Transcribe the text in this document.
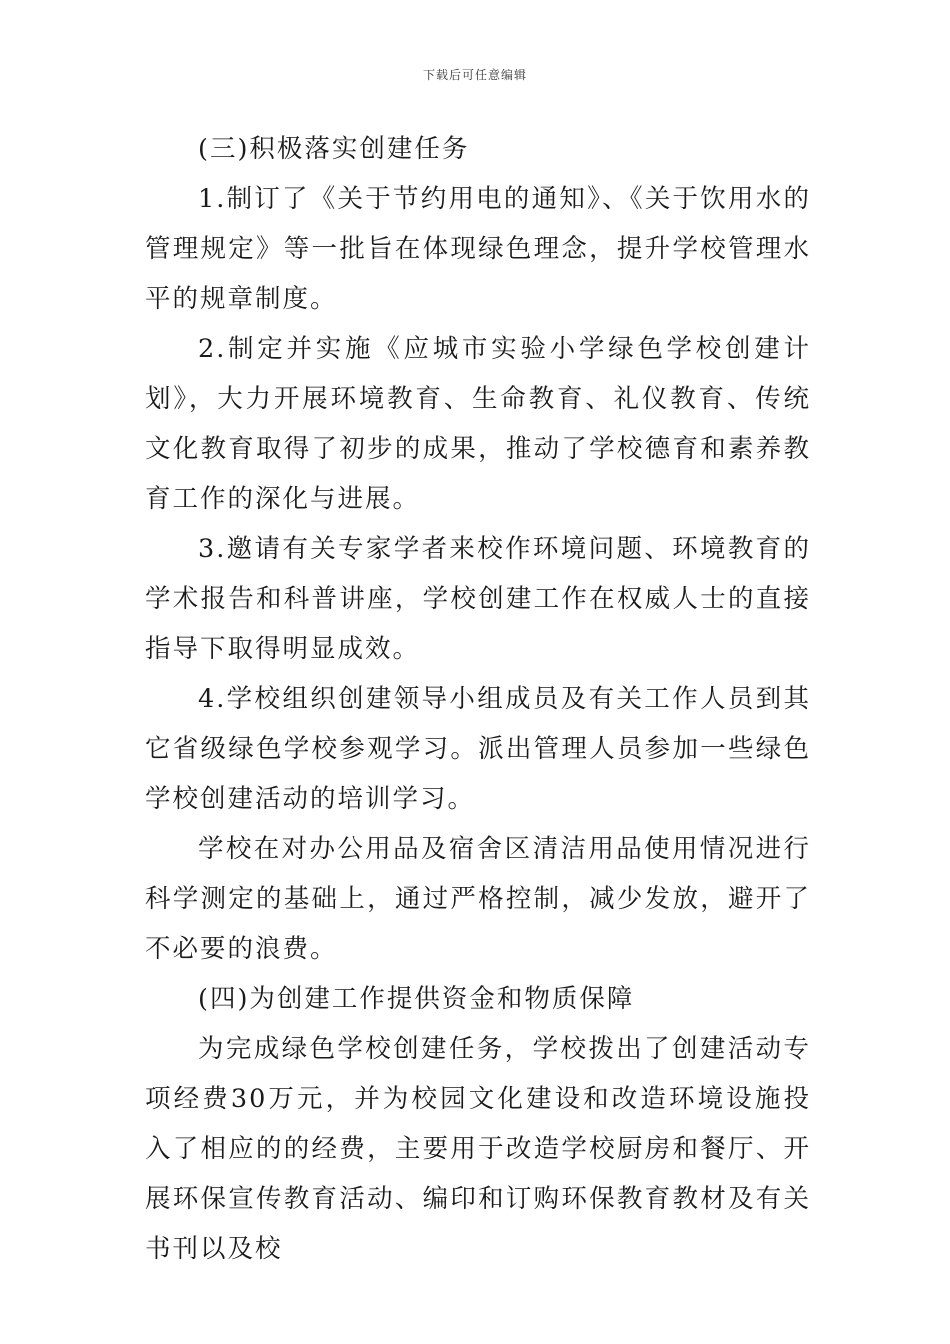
下载后可任意编辑

(三)积极落实创建任务

1.制订了《关于节约用电的通知》、《关于饮用水的管理规定》等一批旨在体现绿色理念，提升学校管理水平的规章制度。

2.制定并实施《应城市实验小学绿色学校创建计划》，大力开展环境教育、生命教育、礼仪教育、传统文化教育取得了初步的成果，推动了学校德育和素养教育工作的深化与进展。

3.邀请有关专家学者来校作环境问题、环境教育的学术报告和科普讲座，学校创建工作在权威人士的直接指导下取得明显成效。

4.学校组织创建领导小组成员及有关工作人员到其它省级绿色学校参观学习。派出管理人员参加一些绿色学校创建活动的培训学习。

学校在对办公用品及宿舍区清洁用品使用情况进行科学测定的基础上，通过严格控制，减少发放，避开了不必要的浪费。

(四)为创建工作提供资金和物质保障

为完成绿色学校创建任务，学校拨出了创建活动专项经费30万元，并为校园文化建设和改造环境设施投入了相应的的经费，主要用于改造学校厨房和餐厅、开展环保宣传教育活动、编印和订购环保教育教材及有关书刊以及校
